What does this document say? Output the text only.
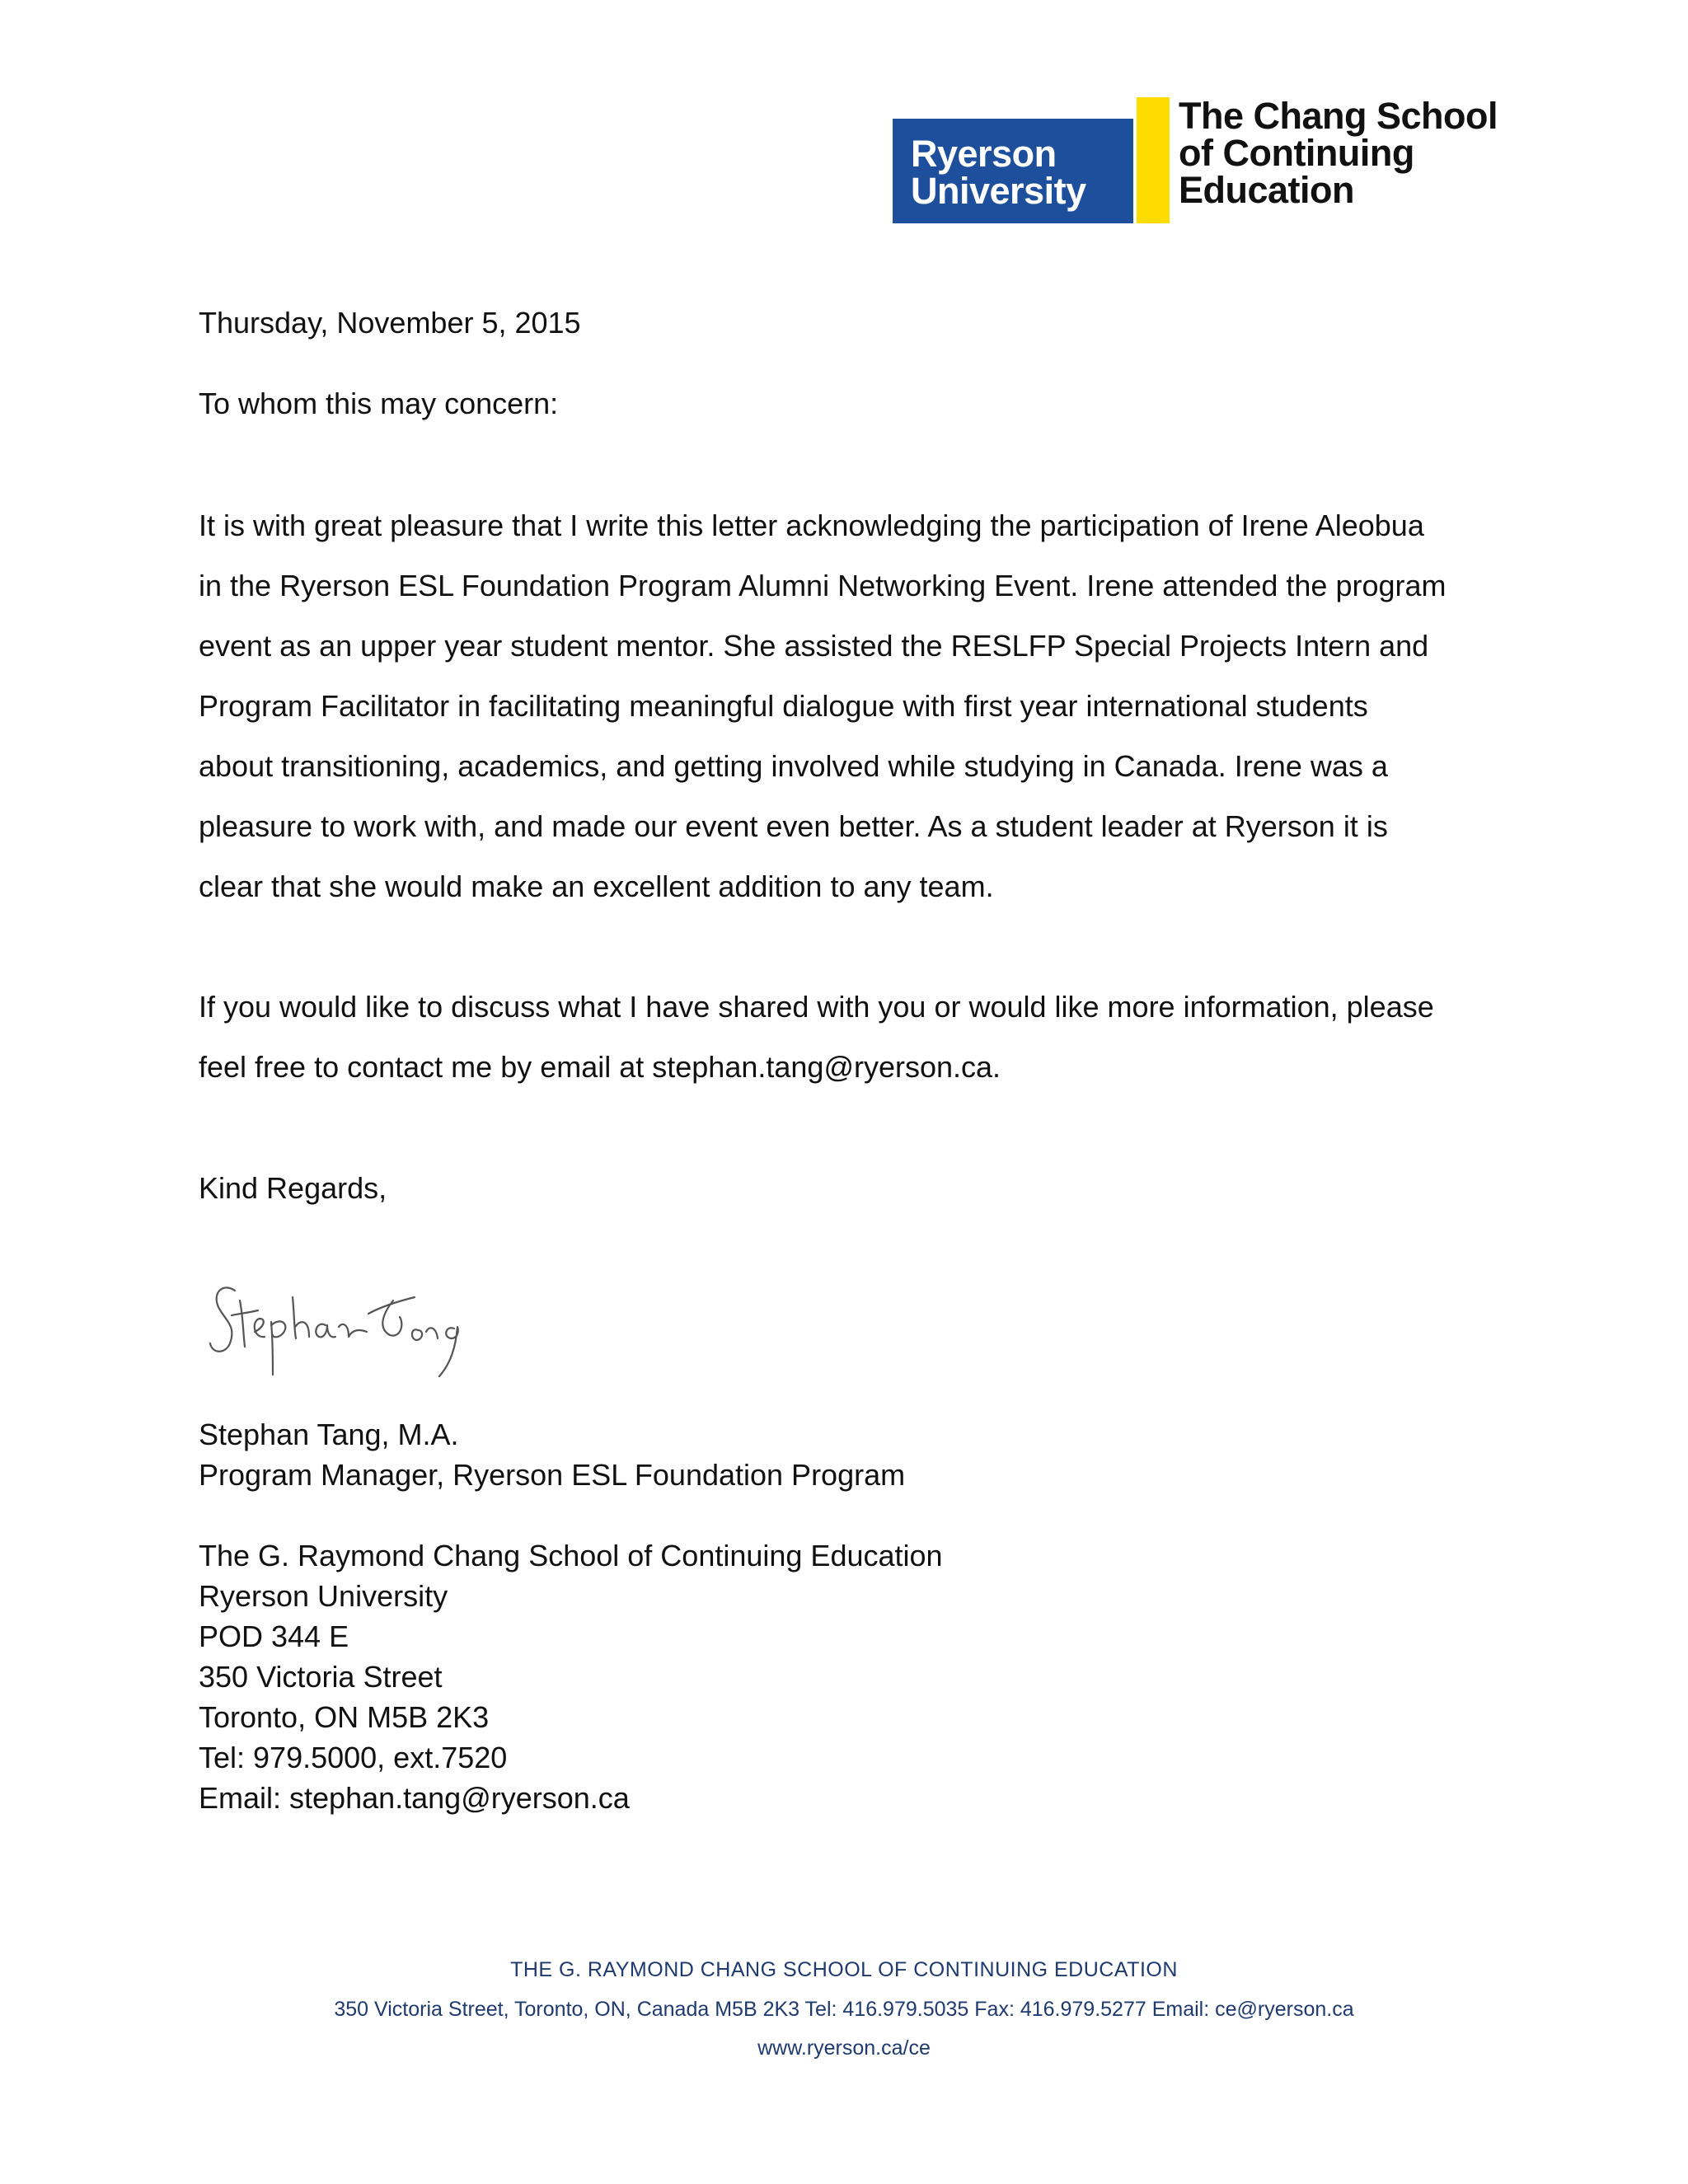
Ryerson
University
The Chang School
of Continuing
Education
Thursday, November 5, 2015
To whom this may concern:
It is with great pleasure that I write this letter acknowledging the participation of Irene Aleobua
in the Ryerson ESL Foundation Program Alumni Networking Event. Irene attended the program
event as an upper year student mentor. She assisted the RESLFP Special Projects Intern and
Program Facilitator in facilitating meaningful dialogue with first year international students
about transitioning, academics, and getting involved while studying in Canada. Irene was a
pleasure to work with, and made our event even better. As a student leader at Ryerson it is
clear that she would make an excellent addition to any team.
If you would like to discuss what I have shared with you or would like more information, please
feel free to contact me by email at stephan.tang@ryerson.ca.
Kind Regards,
Stephan Tang, M.A.
Program Manager, Ryerson ESL Foundation Program
The G. Raymond Chang School of Continuing Education
Ryerson University
POD 344 E
350 Victoria Street
Toronto, ON M5B 2K3
Tel: 979.5000, ext.7520
Email: stephan.tang@ryerson.ca
THE G. RAYMOND CHANG SCHOOL OF CONTINUING EDUCATION
350 Victoria Street, Toronto, ON, Canada M5B 2K3 Tel: 416.979.5035 Fax: 416.979.5277 Email: ce@ryerson.ca
www.ryerson.ca/ce
